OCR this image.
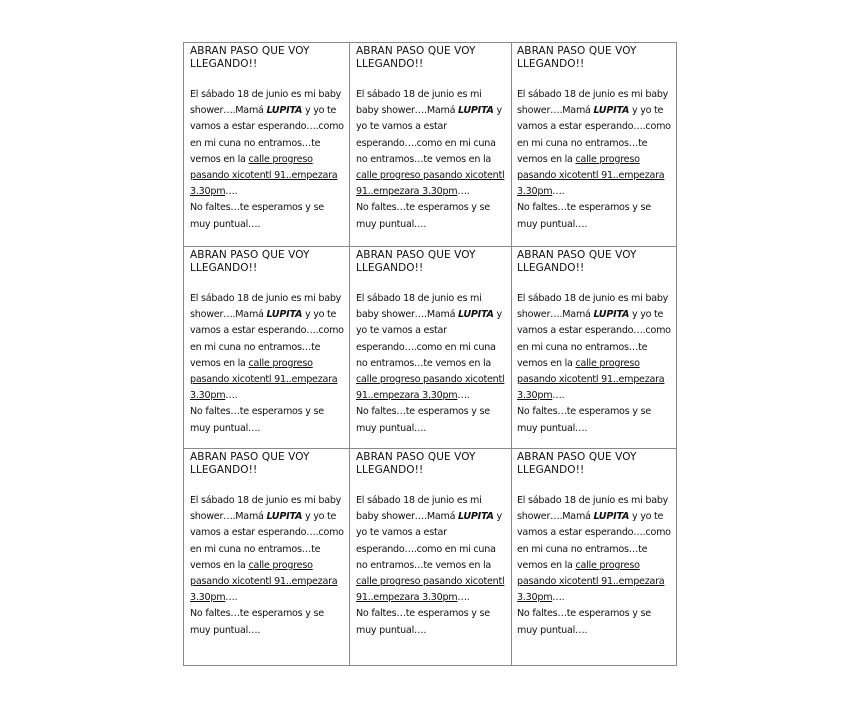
ABRAN PASO QUE VOY
LLEGANDO!!
El sábado 18 de junio es mi baby shower….Mamá LUPITA y yo te vamos a estar esperando….como en mi cuna no entramos…te vemos en la calle progreso pasando xicotentl 91..empezara 3.30pm….
No faltes…te esperamos y se muy puntual….
ABRAN PASO QUE VOY
LLEGANDO!!
El sábado 18 de junio es mi baby shower….Mamá LUPITA y yo te vamos a estar esperando….como en mi cuna no entramos…te vemos en la calle progreso pasando xicotentl 91..empezara 3.30pm….
No faltes…te esperamos y se muy puntual….
ABRAN PASO QUE VOY
LLEGANDO!!
El sábado 18 de junio es mi baby shower….Mamá LUPITA y yo te vamos a estar esperando….como en mi cuna no entramos…te vemos en la calle progreso pasando xicotentl 91..empezara 3.30pm….
No faltes…te esperamos y se muy puntual….
ABRAN PASO QUE VOY
LLEGANDO!!
El sábado 18 de junio es mi baby shower….Mamá LUPITA y yo te vamos a estar esperando….como en mi cuna no entramos…te vemos en la calle progreso pasando xicotentl 91..empezara 3.30pm….
No faltes…te esperamos y se muy puntual….
ABRAN PASO QUE VOY
LLEGANDO!!
El sábado 18 de junio es mi baby shower….Mamá LUPITA y yo te vamos a estar esperando….como en mi cuna no entramos…te vemos en la calle progreso pasando xicotentl 91..empezara 3.30pm….
No faltes…te esperamos y se muy puntual….
ABRAN PASO QUE VOY
LLEGANDO!!
El sábado 18 de junio es mi baby shower….Mamá LUPITA y yo te vamos a estar esperando….como en mi cuna no entramos…te vemos en la calle progreso pasando xicotentl 91..empezara 3.30pm….
No faltes…te esperamos y se muy puntual….
ABRAN PASO QUE VOY
LLEGANDO!!
El sábado 18 de junio es mi baby shower….Mamá LUPITA y yo te vamos a estar esperando….como en mi cuna no entramos…te vemos en la calle progreso pasando xicotentl 91..empezara 3.30pm….
No faltes…te esperamos y se muy puntual….
ABRAN PASO QUE VOY
LLEGANDO!!
El sábado 18 de junio es mi baby shower….Mamá LUPITA y yo te vamos a estar esperando….como en mi cuna no entramos…te vemos en la calle progreso pasando xicotentl 91..empezara 3.30pm….
No faltes…te esperamos y se muy puntual….
ABRAN PASO QUE VOY
LLEGANDO!!
El sábado 18 de junio es mi baby shower….Mamá LUPITA y yo te vamos a estar esperando….como en mi cuna no entramos…te vemos en la calle progreso pasando xicotentl 91..empezara 3.30pm….
No faltes…te esperamos y se muy puntual….
